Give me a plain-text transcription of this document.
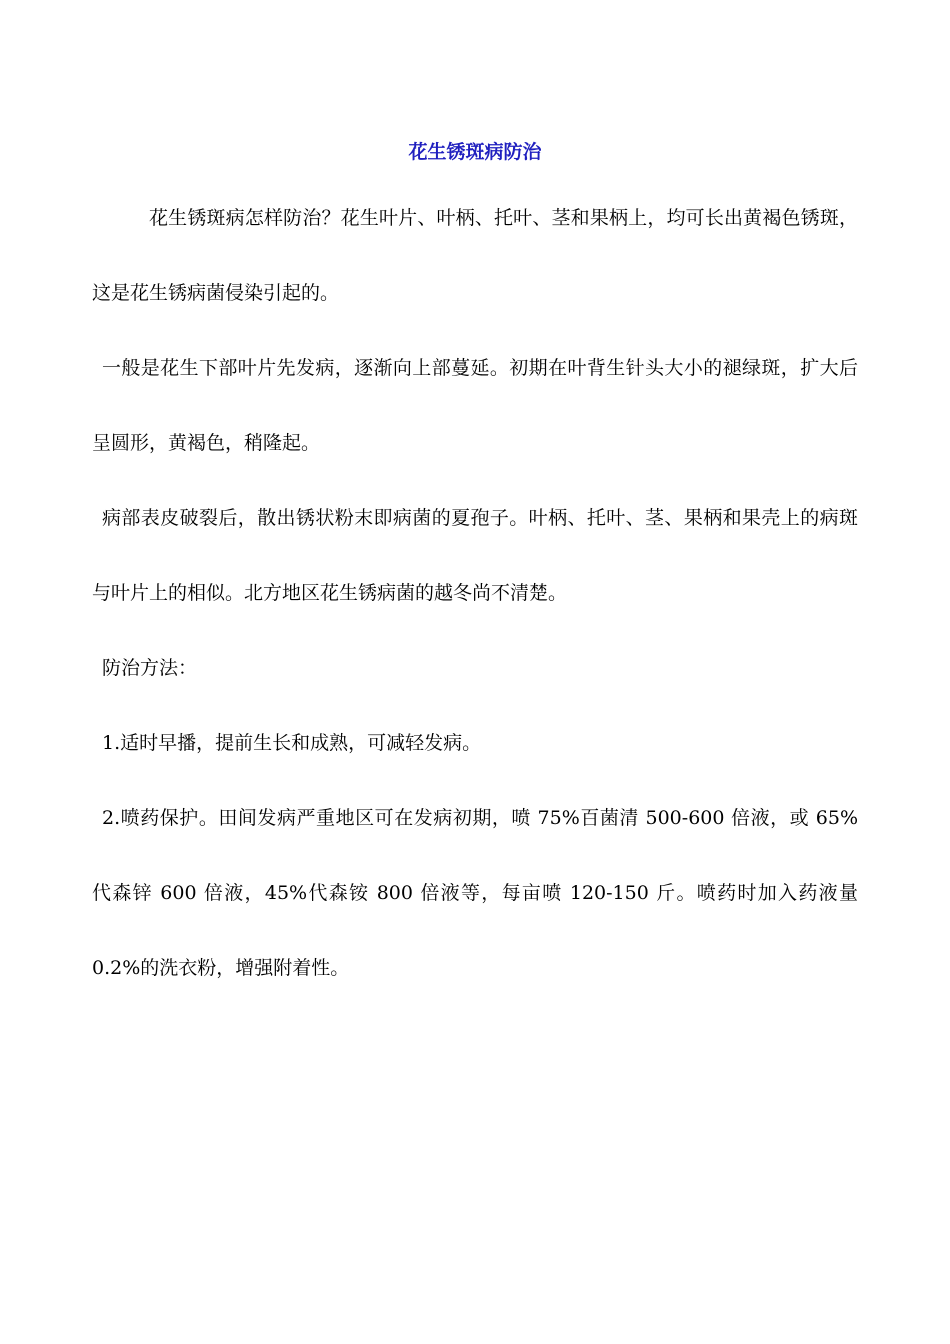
花生锈斑病防治

花生锈斑病怎样防治？花生叶片、叶柄、托叶、茎和果柄上，均可长出黄褐色锈斑，这是花生锈病菌侵染引起的。

一般是花生下部叶片先发病，逐渐向上部蔓延。初期在叶背生针头大小的褪绿斑，扩大后呈圆形，黄褐色，稍隆起。

病部表皮破裂后，散出锈状粉末即病菌的夏孢子。叶柄、托叶、茎、果柄和果壳上的病斑与叶片上的相似。北方地区花生锈病菌的越冬尚不清楚。

防治方法：

1.适时早播，提前生长和成熟，可减轻发病。

2.喷药保护。田间发病严重地区可在发病初期，喷 75%百菌清 500-600 倍液，或 65%代森锌 600 倍液，45%代森铵 800 倍液等，每亩喷 120-150 斤。喷药时加入药液量 0.2%的洗衣粉，增强附着性。
